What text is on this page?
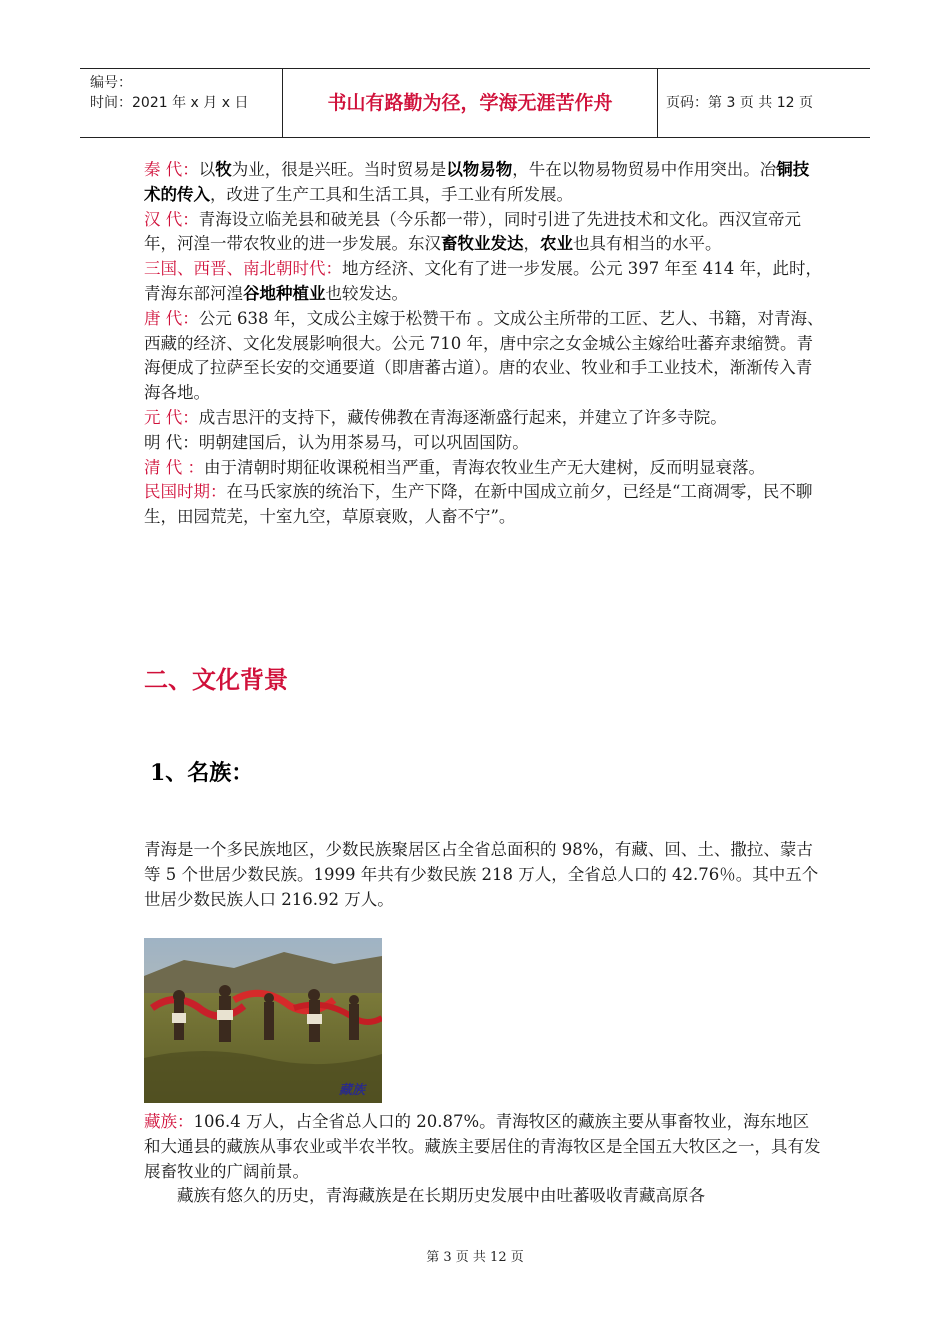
编号：
时间：2021 年 x 月 x 日	书山有路勤为径，学海无涯苦作舟	页码：第 3 页 共 12 页

秦 代：以牧为业，很是兴旺。当时贸易是以物易物，牛在以物易物贸易中作用突出。冶铜技术的传入，改进了生产工具和生活工具，手工业有所发展。

汉 代：青海设立临羌县和破羌县（今乐都一带），同时引进了先进技术和文化。西汉宣帝元年，河湟一带农牧业的进一步发展。东汉畜牧业发达，农业也具有相当的水平。

三国、西晋、南北朝时代：地方经济、文化有了进一步发展。公元 397 年至 414 年，此时，青海东部河湟谷地种植业也较发达。

唐 代：公元 638 年，文成公主嫁于松赞干布 。文成公主所带的工匠、艺人、书籍，对青海、西藏的经济、文化发展影响很大。公元 710 年，唐中宗之女金城公主嫁给吐蕃弃隶缩赞。青海便成了拉萨至长安的交通要道（即唐蕃古道）。唐的农业、牧业和手工业技术，渐渐传入青海各地。

元 代：成吉思汗的支持下，藏传佛教在青海逐渐盛行起来，并建立了许多寺院。

明 代：明朝建国后，认为用茶易马，可以巩固国防。

清 代 ：由于清朝时期征收课税相当严重，青海农牧业生产无大建树，反而明显衰落。

民国时期：在马氏家族的统治下，生产下降，在新中国成立前夕，已经是“工商凋零，民不聊生，田园荒芜，十室九空，草原衰败，人畜不宁”。

二、文化背景
1、名族：

青海是一个多民族地区，少数民族聚居区占全省总面积的 98%，有藏、回、土、撒拉、蒙古等 5 个世居少数民族。1999 年共有少数民族 218 万人，全省总人口的 42.76％。其中五个世居少数民族人口 216.92 万人。

藏族

藏族：106.4 万人，占全省总人口的 20.87%。青海牧区的藏族主要从事畜牧业，海东地区和大通县的藏族从事农业或半农半牧。藏族主要居住的青海牧区是全国五大牧区之一，具有发展畜牧业的广阔前景。

藏族有悠久的历史，青海藏族是在长期历史发展中由吐蕃吸收青藏高原各

第 3 页 共 12 页
